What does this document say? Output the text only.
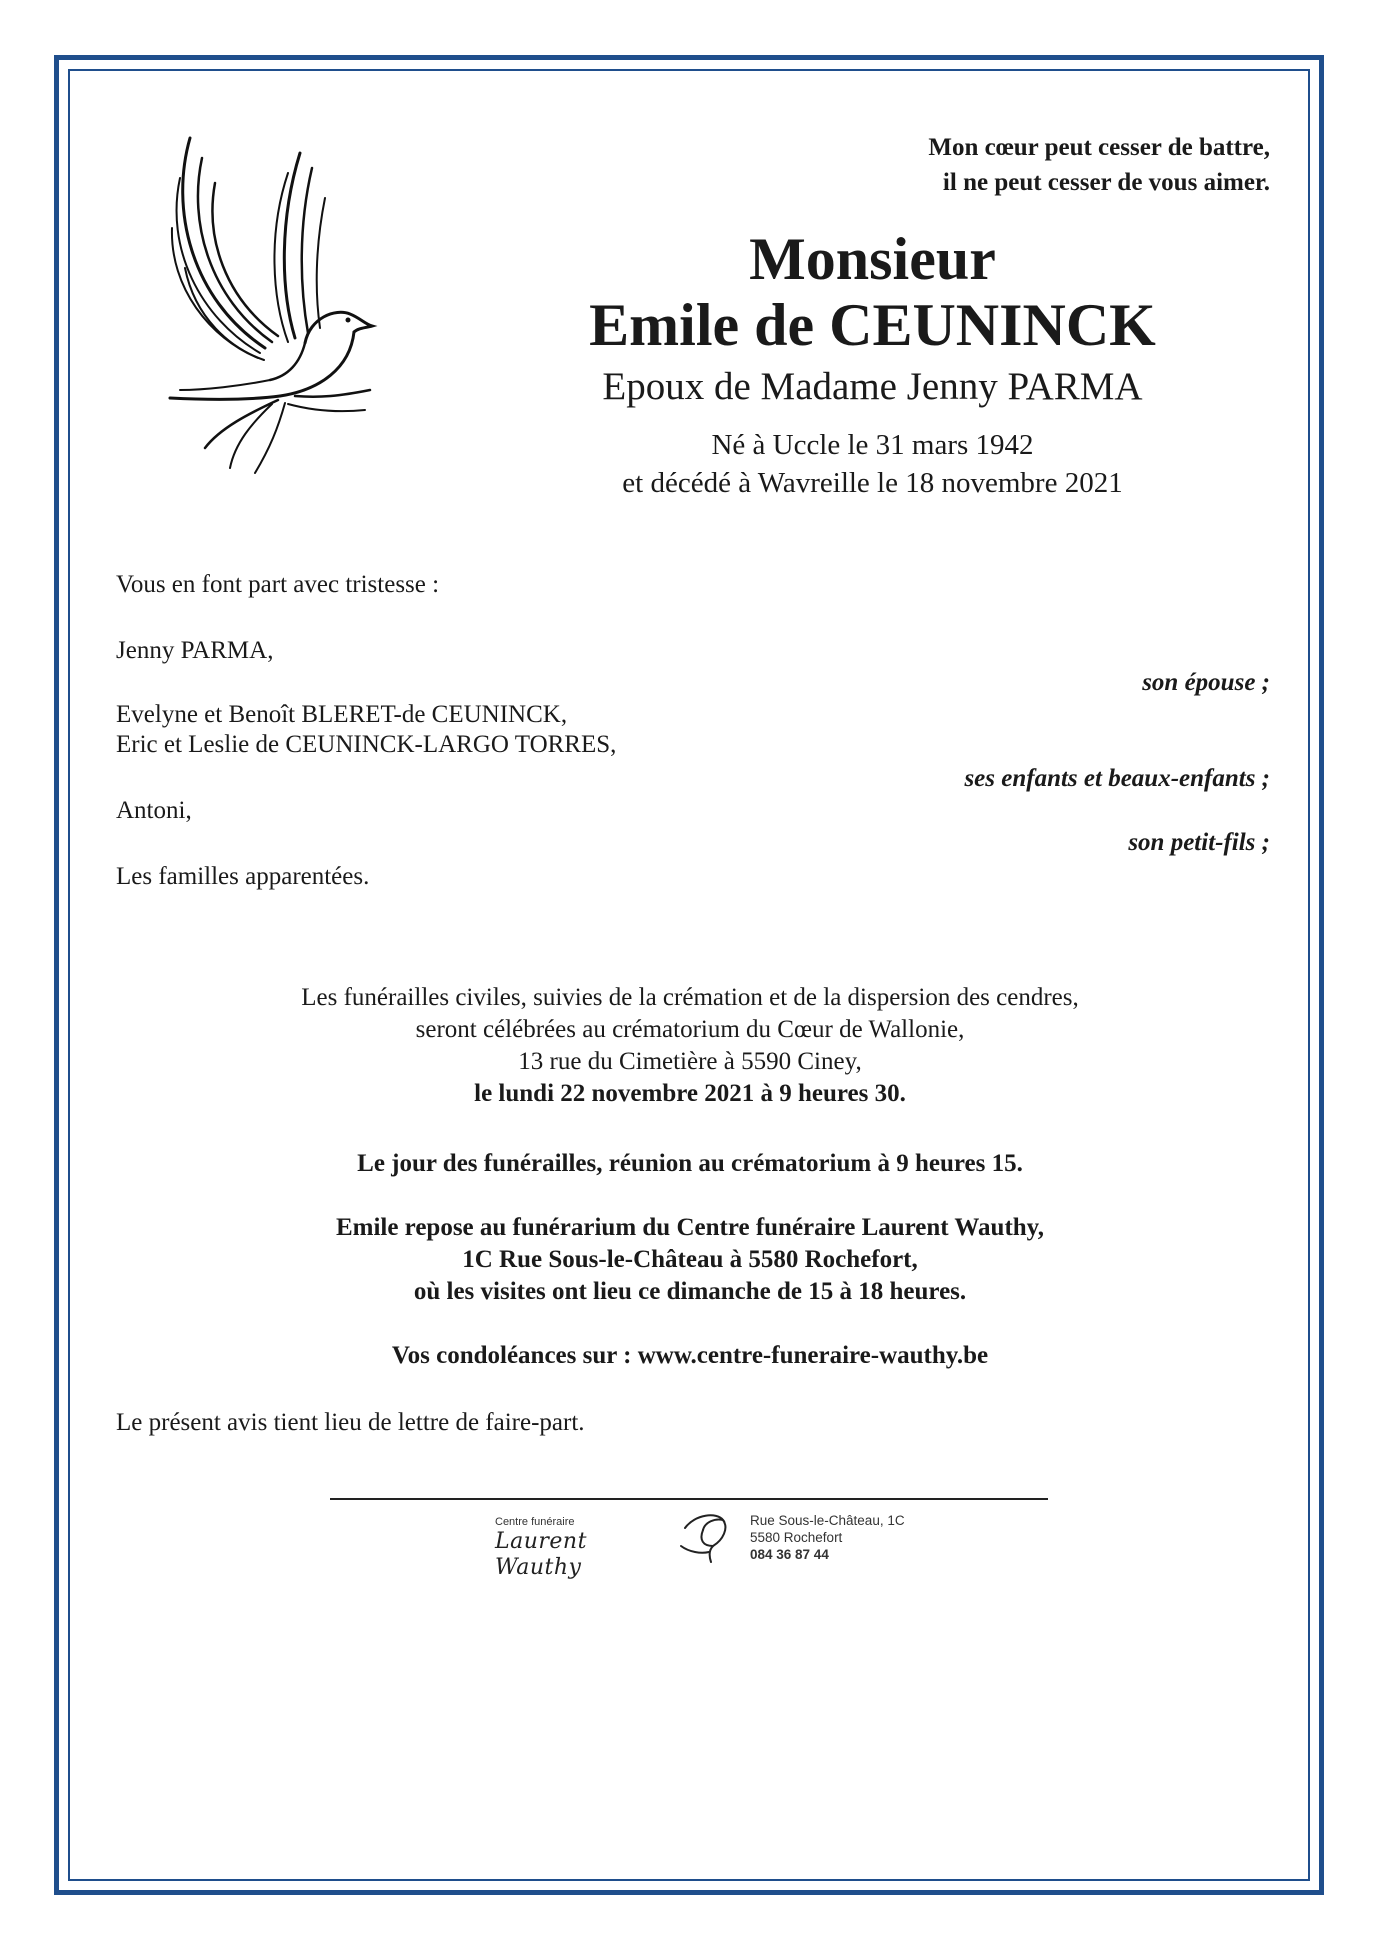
Mon cœur peut cesser de battre,
il ne peut cesser de vous aimer.
Monsieur
Emile de CEUNINCK
Epoux de Madame Jenny PARMA
Né à Uccle le 31 mars 1942
et décédé à Wavreille le 18 novembre 2021
Vous en font part avec tristesse :
Jenny PARMA,
son épouse ;
Evelyne et Benoît BLERET-de CEUNINCK,
Eric et Leslie de CEUNINCK-LARGO TORRES,
ses enfants et beaux-enfants ;
Antoni,
son petit-fils ;
Les familles apparentées.
Les funérailles civiles, suivies de la crémation et de la dispersion des cendres,
seront célébrées au crématorium du Cœur de Wallonie,
13 rue du Cimetière à 5590 Ciney,
le lundi 22 novembre 2021 à 9 heures 30.
Le jour des funérailles, réunion au crématorium à 9 heures 15.
Emile repose au funérarium du Centre funéraire Laurent Wauthy,
1C Rue Sous-le-Château à 5580 Rochefort,
où les visites ont lieu ce dimanche de 15 à 18 heures.
Vos condoléances sur : www.centre-funeraire-wauthy.be
Le présent avis tient lieu de lettre de faire-part.
Centre funéraire
Laurent Wauthy
Rue Sous-le-Château, 1C
5580 Rochefort
084 36 87 44
